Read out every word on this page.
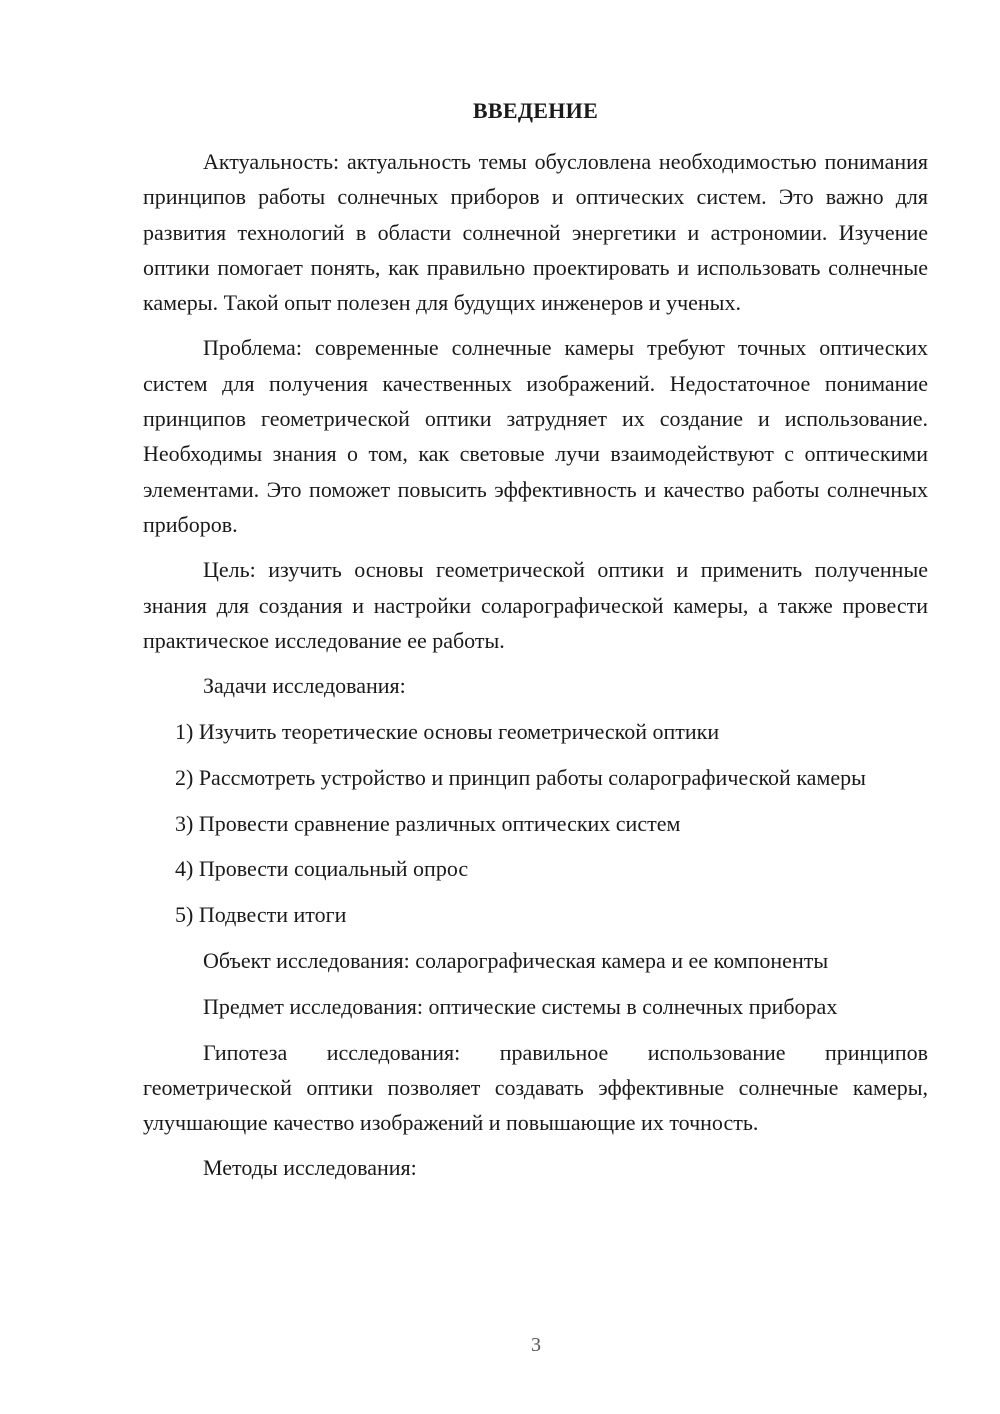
ВВЕДЕНИЕ

Актуальность: актуальность темы обусловлена необходимостью понимания принципов работы солнечных приборов и оптических систем. Это важно для развития технологий в области солнечной энергетики и астрономии. Изучение оптики помогает понять, как правильно проектировать и использовать солнечные камеры. Такой опыт полезен для будущих инженеров и ученых.

Проблема: современные солнечные камеры требуют точных оптических систем для получения качественных изображений. Недостаточное понимание принципов геометрической оптики затрудняет их создание и использование. Необходимы знания о том, как световые лучи взаимодействуют с оптическими элементами. Это поможет повысить эффективность и качество работы солнечных приборов.

Цель: изучить основы геометрической оптики и применить полученные знания для создания и настройки соларографической камеры, а также провести практическое исследование ее работы.

Задачи исследования:
1) Изучить теоретические основы геометрической оптики
2) Рассмотреть устройство и принцип работы соларографической камеры
3) Провести сравнение различных оптических систем
4) Провести социальный опрос
5) Подвести итоги
Объект исследования: соларографическая камера и ее компоненты
Предмет исследования: оптические системы в солнечных приборах

Гипотеза исследования: правильное использование принципов геометрической оптики позволяет создавать эффективные солнечные камеры, улучшающие качество изображений и повышающие их точность.

Методы исследования:
3
